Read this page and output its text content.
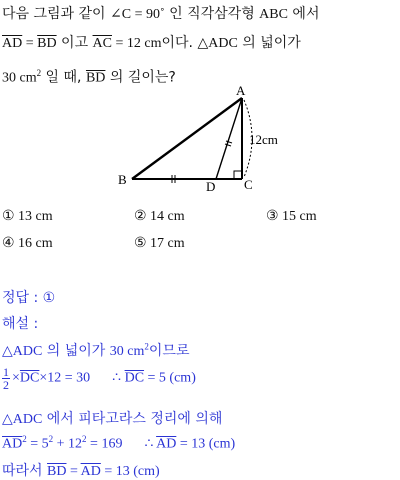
다음 그림과 같이 ∠C = 90˚ 인 직각삼각형 ABC 에서
$\overline{AD} = \overline{BD}$ 이고 $\overline{AC} = 12$ cm이다. △ADC 의 넓이가
30 $cm^2$ 일 때, $\overline{BD}$ 의 길이는?
A
B	C
D
12cm
① 13 cm	② 14 cm	③ 15 cm
④ 16 cm	⑤ 17 cm
정답 : ①
해설 :
△ADC 의 넓이가 30 $cm^2$이므로
$\frac{1}{2} \times\overline{DC}\times 12 = 30$ ∴ $\overline{DC} = 5$ (cm)
△ADC 에서 피타고라스 정리에 의해
$\overline{AD}^2 = 5^2 + 12^2 = 169$ ∴ $\overline{AD} = 13$ (cm)
따라서 $\overline{BD} = \overline{AD} = 13$ (cm)
